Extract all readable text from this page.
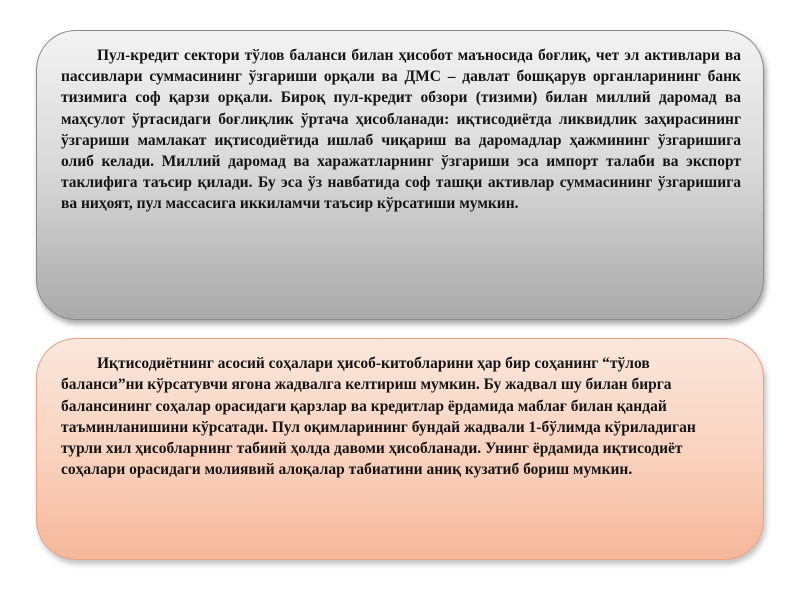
Пул-кредит сектори тўлов баланси билан ҳисобот маъносида боғлиқ, чет эл активлари ва пассивлари суммасининг ўзгариши орқали ва ДМС – давлат бошқарув органларининг банк тизимига соф қарзи орқали. Бироқ пул-кредит обзори (тизими) билан миллий даромад ва маҳсулот ўртасидаги боғлиқлик ўртача ҳисобланади: иқтисодиётда ликвидлик заҳирасининг ўзгариши мамлакат иқтисодиётида ишлаб чиқариш ва даромадлар ҳажмининг ўзгаришига олиб келади. Миллий даромад ва харажатларнинг ўзгариши эса импорт талаби ва экспорт таклифига таъсир қилади. Бу эса ўз навбатида соф ташқи активлар суммасининг ўзгаришига ва ниҳоят, пул массасига иккиламчи таъсир кўрсатиши мумкин.

Иқтисодиётнинг асосий соҳалари ҳисоб-китобларини ҳар бир соҳанинг “тўлов баланси”ни кўрсатувчи ягона жадвалга келтириш мумкин. Бу жадвал шу билан бирга балансининг соҳалар орасидаги қарзлар ва кредитлар ёрдамида маблағ билан қандай таъминланишини кўрсатади. Пул оқимларининг бундай жадвали 1-бўлимда кўриладиган турли хил ҳисобларнинг табиий ҳолда давоми ҳисобланади. Унинг ёрдамида иқтисодиёт соҳалари орасидаги молиявий алоқалар табиатини аниқ кузатиб бориш мумкин.
